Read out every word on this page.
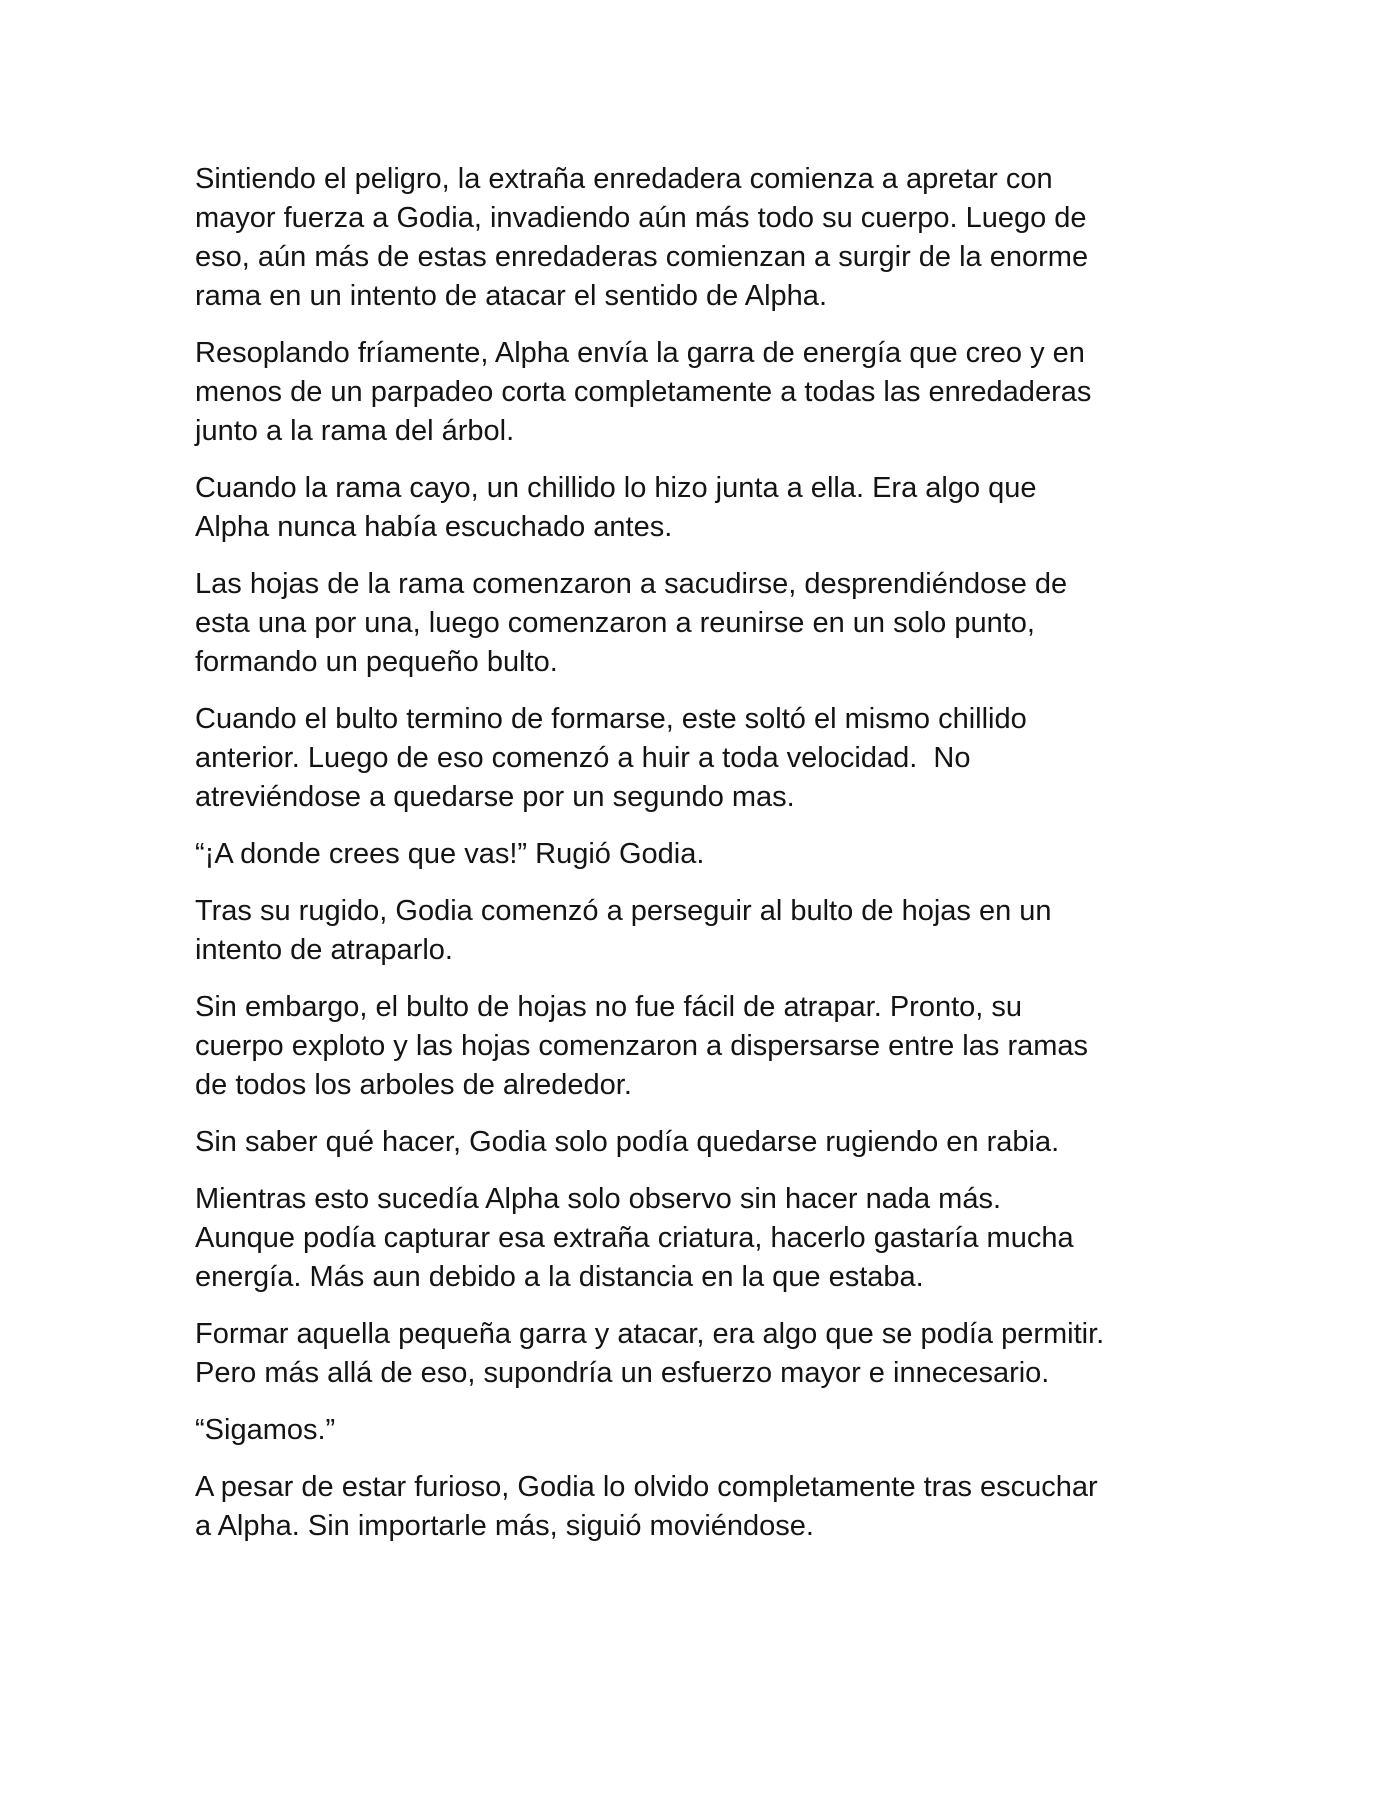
Sintiendo el peligro, la extraña enredadera comienza a apretar con
mayor fuerza a Godia, invadiendo aún más todo su cuerpo. Luego de
eso, aún más de estas enredaderas comienzan a surgir de la enorme
rama en un intento de atacar el sentido de Alpha.

Resoplando fríamente, Alpha envía la garra de energía que creo y en
menos de un parpadeo corta completamente a todas las enredaderas
junto a la rama del árbol.

Cuando la rama cayo, un chillido lo hizo junta a ella. Era algo que
Alpha nunca había escuchado antes.

Las hojas de la rama comenzaron a sacudirse, desprendiéndose de
esta una por una, luego comenzaron a reunirse en un solo punto,
formando un pequeño bulto.

Cuando el bulto termino de formarse, este soltó el mismo chillido
anterior. Luego de eso comenzó a huir a toda velocidad.  No
atreviéndose a quedarse por un segundo mas.

“¡A donde crees que vas!” Rugió Godia.

Tras su rugido, Godia comenzó a perseguir al bulto de hojas en un
intento de atraparlo.

Sin embargo, el bulto de hojas no fue fácil de atrapar. Pronto, su
cuerpo exploto y las hojas comenzaron a dispersarse entre las ramas
de todos los arboles de alrededor.

Sin saber qué hacer, Godia solo podía quedarse rugiendo en rabia.

Mientras esto sucedía Alpha solo observo sin hacer nada más.
Aunque podía capturar esa extraña criatura, hacerlo gastaría mucha
energía. Más aun debido a la distancia en la que estaba.

Formar aquella pequeña garra y atacar, era algo que se podía permitir.
Pero más allá de eso, supondría un esfuerzo mayor e innecesario.

“Sigamos.”

A pesar de estar furioso, Godia lo olvido completamente tras escuchar
a Alpha. Sin importarle más, siguió moviéndose.
